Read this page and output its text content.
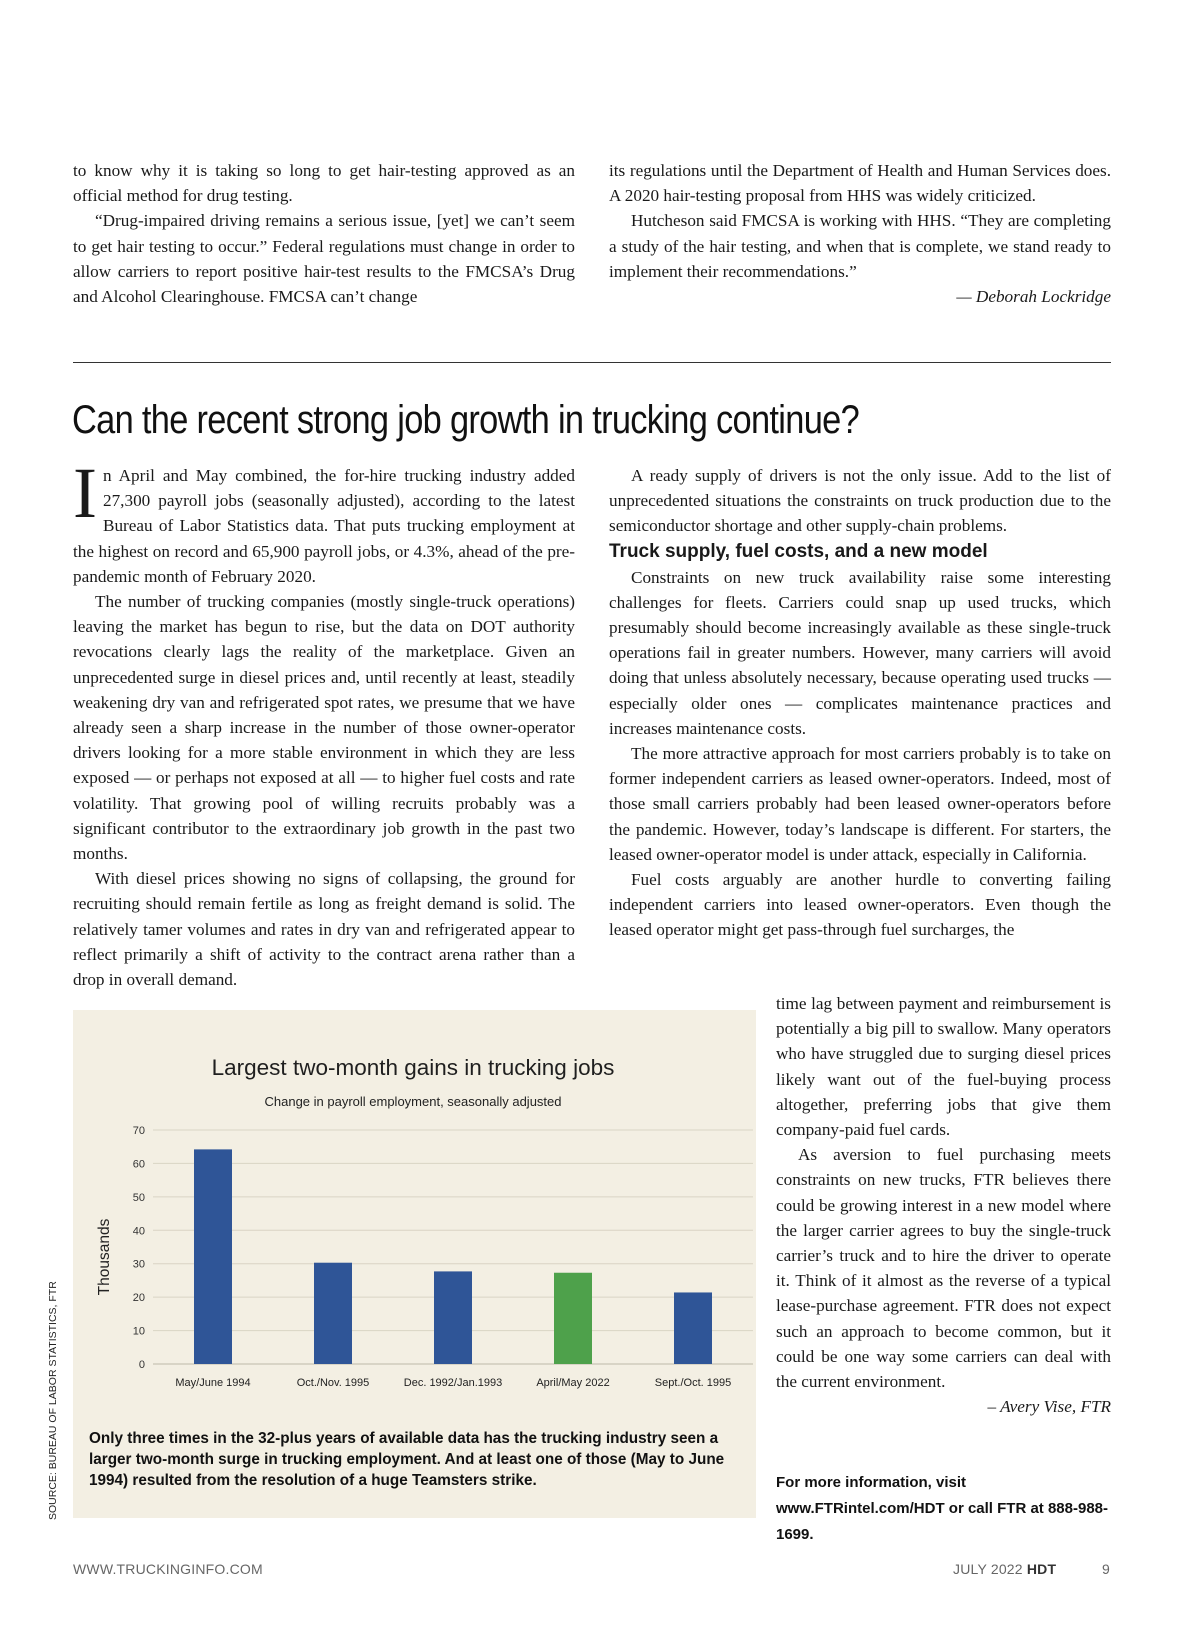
to know why it is taking so long to get hair-testing approved as an official method for drug testing.

“Drug-impaired driving remains a serious issue, [yet] we can’t seem to get hair testing to occur.” Federal regulations must change in order to allow carriers to report positive hair-test results to the FMCSA’s Drug and Alcohol Clearinghouse. FMCSA can’t change

its regulations until the Department of Health and Human Services does. A 2020 hair-testing proposal from HHS was widely criticized.

Hutcheson said FMCSA is working with HHS. “They are completing a study of the hair testing, and when that is complete, we stand ready to implement their recommendations.”

— Deborah Lockridge

Can the recent strong job growth in trucking continue?

In April and May combined, the for-hire trucking industry added 27,300 payroll jobs (seasonally adjusted), according to the latest Bureau of Labor Statistics data. That puts trucking employment at the highest on record and 65,900 payroll jobs, or 4.3%, ahead of the pre-pandemic month of February 2020.

The number of trucking companies (mostly single-truck operations) leaving the market has begun to rise, but the data on DOT authority revocations clearly lags the reality of the marketplace. Given an unprecedented surge in diesel prices and, until recently at least, steadily weakening dry van and refrigerated spot rates, we presume that we have already seen a sharp increase in the number of those owner-operator drivers looking for a more stable environment in which they are less exposed — or perhaps not exposed at all — to higher fuel costs and rate volatility. That growing pool of willing recruits probably was a significant contributor to the extraordinary job growth in the past two months.

With diesel prices showing no signs of collapsing, the ground for recruiting should remain fertile as long as freight demand is solid. The relatively tamer volumes and rates in dry van and refrigerated appear to reflect primarily a shift of activity to the contract arena rather than a drop in overall demand.

A ready supply of drivers is not the only issue. Add to the list of unprecedented situations the constraints on truck production due to the semiconductor shortage and other supply-chain problems.

Truck supply, fuel costs, and a new model

Constraints on new truck availability raise some interesting challenges for fleets. Carriers could snap up used trucks, which presumably should become increasingly available as these single-truck operations fail in greater numbers. However, many carriers will avoid doing that unless absolutely necessary, because operating used trucks — especially older ones — complicates maintenance practices and increases maintenance costs.

The more attractive approach for most carriers probably is to take on former independent carriers as leased owner-operators. Indeed, most of those small carriers probably had been leased owner-operators before the pandemic. However, today’s landscape is different. For starters, the leased owner-operator model is under attack, especially in California.

Fuel costs arguably are another hurdle to converting failing independent carriers into leased owner-operators. Even though the leased operator might get pass-through fuel surcharges, the

time lag between payment and reimbursement is potentially a big pill to swallow. Many operators who have struggled due to surging diesel prices likely want out of the fuel-buying process altogether, preferring jobs that give them company-paid fuel cards.

As aversion to fuel purchasing meets constraints on new trucks, FTR believes there could be growing interest in a new model where the larger carrier agrees to buy the single-truck carrier’s truck and to hire the driver to operate it. Think of it almost as the reverse of a typical lease-purchase agreement. FTR does not expect such an approach to become common, but it could be one way some carriers can deal with the current environment.

– Avery Vise, FTR

For more information, visit www.FTRintel.com/HDT or call FTR at 888-988-1699.

Largest two-month gains in trucking jobs
Change in payroll employment, seasonally adjusted
Thousands
0
10
20
30
40
50
60
70
May/June 1994	Oct./Nov. 1995	Dec. 1992/Jan.1993	April/May 2022	Sept./Oct. 1995

Only three times in the 32-plus years of available data has the trucking industry seen a larger two-month surge in trucking employment. And at least one of those (May to June 1994) resulted from the resolution of a huge Teamsters strike.

SOURCE: BUREAU OF LABOR STATISTICS, FTR
WWW.TRUCKINGINFO.COM	JULY 2022 HDT	9
